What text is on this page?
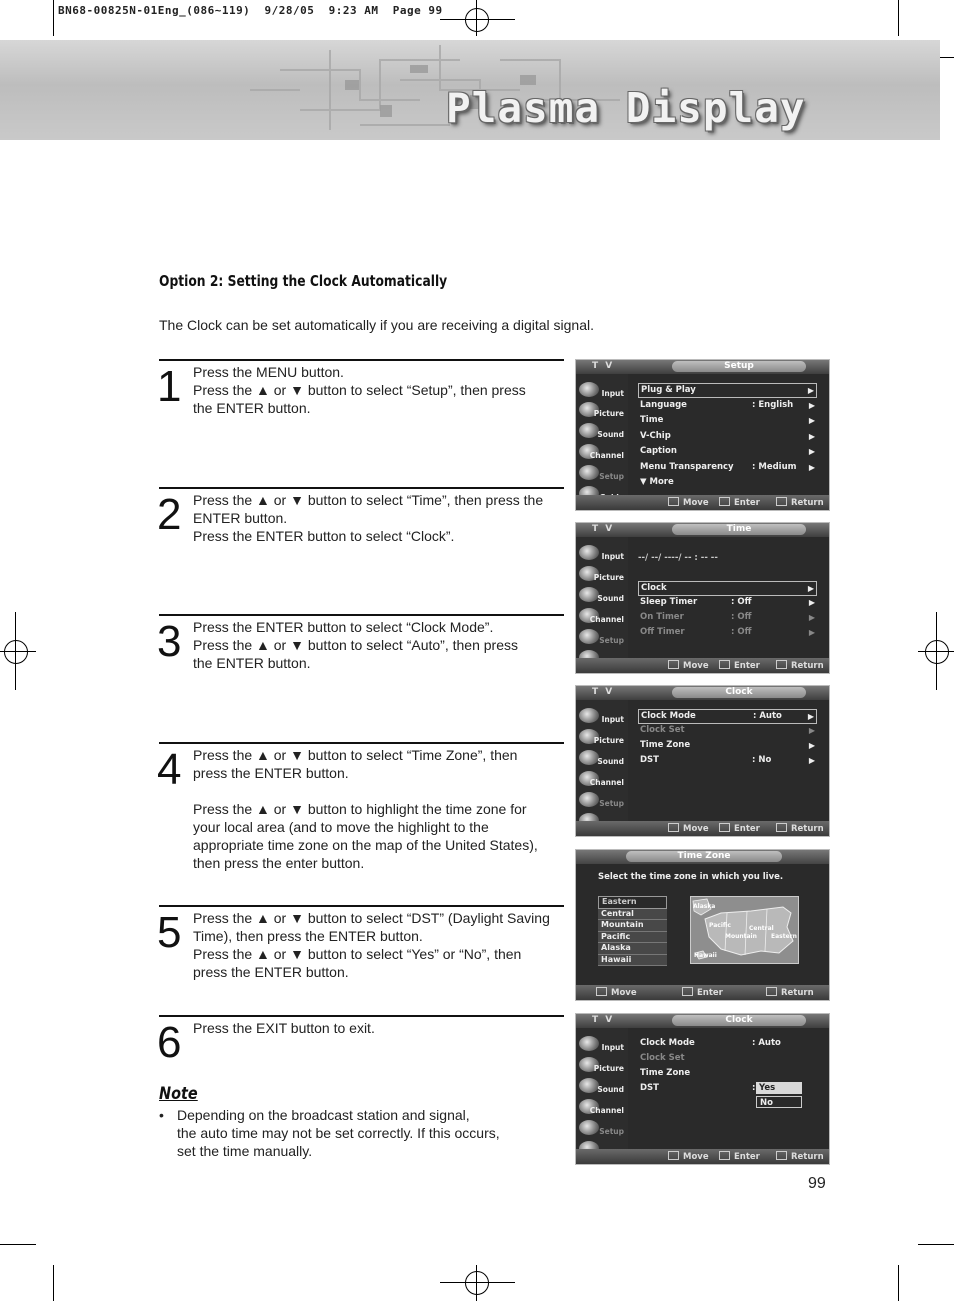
BN68-00825N-01Eng_(086~119)  9/28/05  9:23 AM  Page 99
Plasma Display
Option 2: Setting the Clock Automatically
The Clock can be set automatically if you are receiving a digital signal.
1 Press the MENU button.

Press the ▲ or ▼ button to select “Setup”, then press

the ENTER button.

2 Press the ▲ or ▼ button to select “Time”, then press the

ENTER button.

Press the ENTER button to select “Clock”.

3 Press the ENTER button to select “Clock Mode”.

Press the ▲ or ▼ button to select “Auto”, then press

the ENTER button.

4 Press the ▲ or ▼ button to select “Time Zone”, then

press the ENTER button.

Press the ▲ or ▼ button to highlight the time zone for

your local area (and to move the highlight to the

appropriate time zone on the map of the United States),

then press the enter button.

5 Press the ▲ or ▼ button to select “DST” (Daylight Saving

Time), then press the ENTER button.

Press the ▲ or ▼ button to select “Yes” or “No”, then

press the ENTER button.

6 Press the EXIT button to exit.

Note
• Depending on the broadcast station and signal,
the auto time may not be set correctly. If this occurs,
set the time manually.
99
T V	Setup
Input
Picture
Sound
Channel
Setup
Plug & Play	▶
Language	: English ▶
Time	▶
V-Chip	▶
Caption	▶
Menu Transparency : Medium ▶
▼ More
Move	Enter	Return
T V	Time
Input
Picture
Sound
Channel
Setup
--/ --/ ----/ -- : -- --
Clock	▶
Sleep Timer	: Off	▶
On Timer	: Off	▶
Off Timer	: Off	▶
Move	Enter	Return
T V	Clock
Input
Picture
Sound
Channel
Setup
Clock Mode	: Auto	▶
Clock Set	▶
Time Zone	▶
DST	: No	▶
Move	Enter	Return
Time Zone
Select the time zone in which you live.
Eastern
Central
Mountain
Pacific
Alaska
Hawaii
Alaska
Pacific
Mountain
Central
Eastern
Hawaii
Move	Enter	Return
T V	Clock
Input
Picture
Sound
Channel
Setup
Clock Mode	: Auto
Clock Set
Time Zone
DST	: Yes
No
Move	Enter	Return
